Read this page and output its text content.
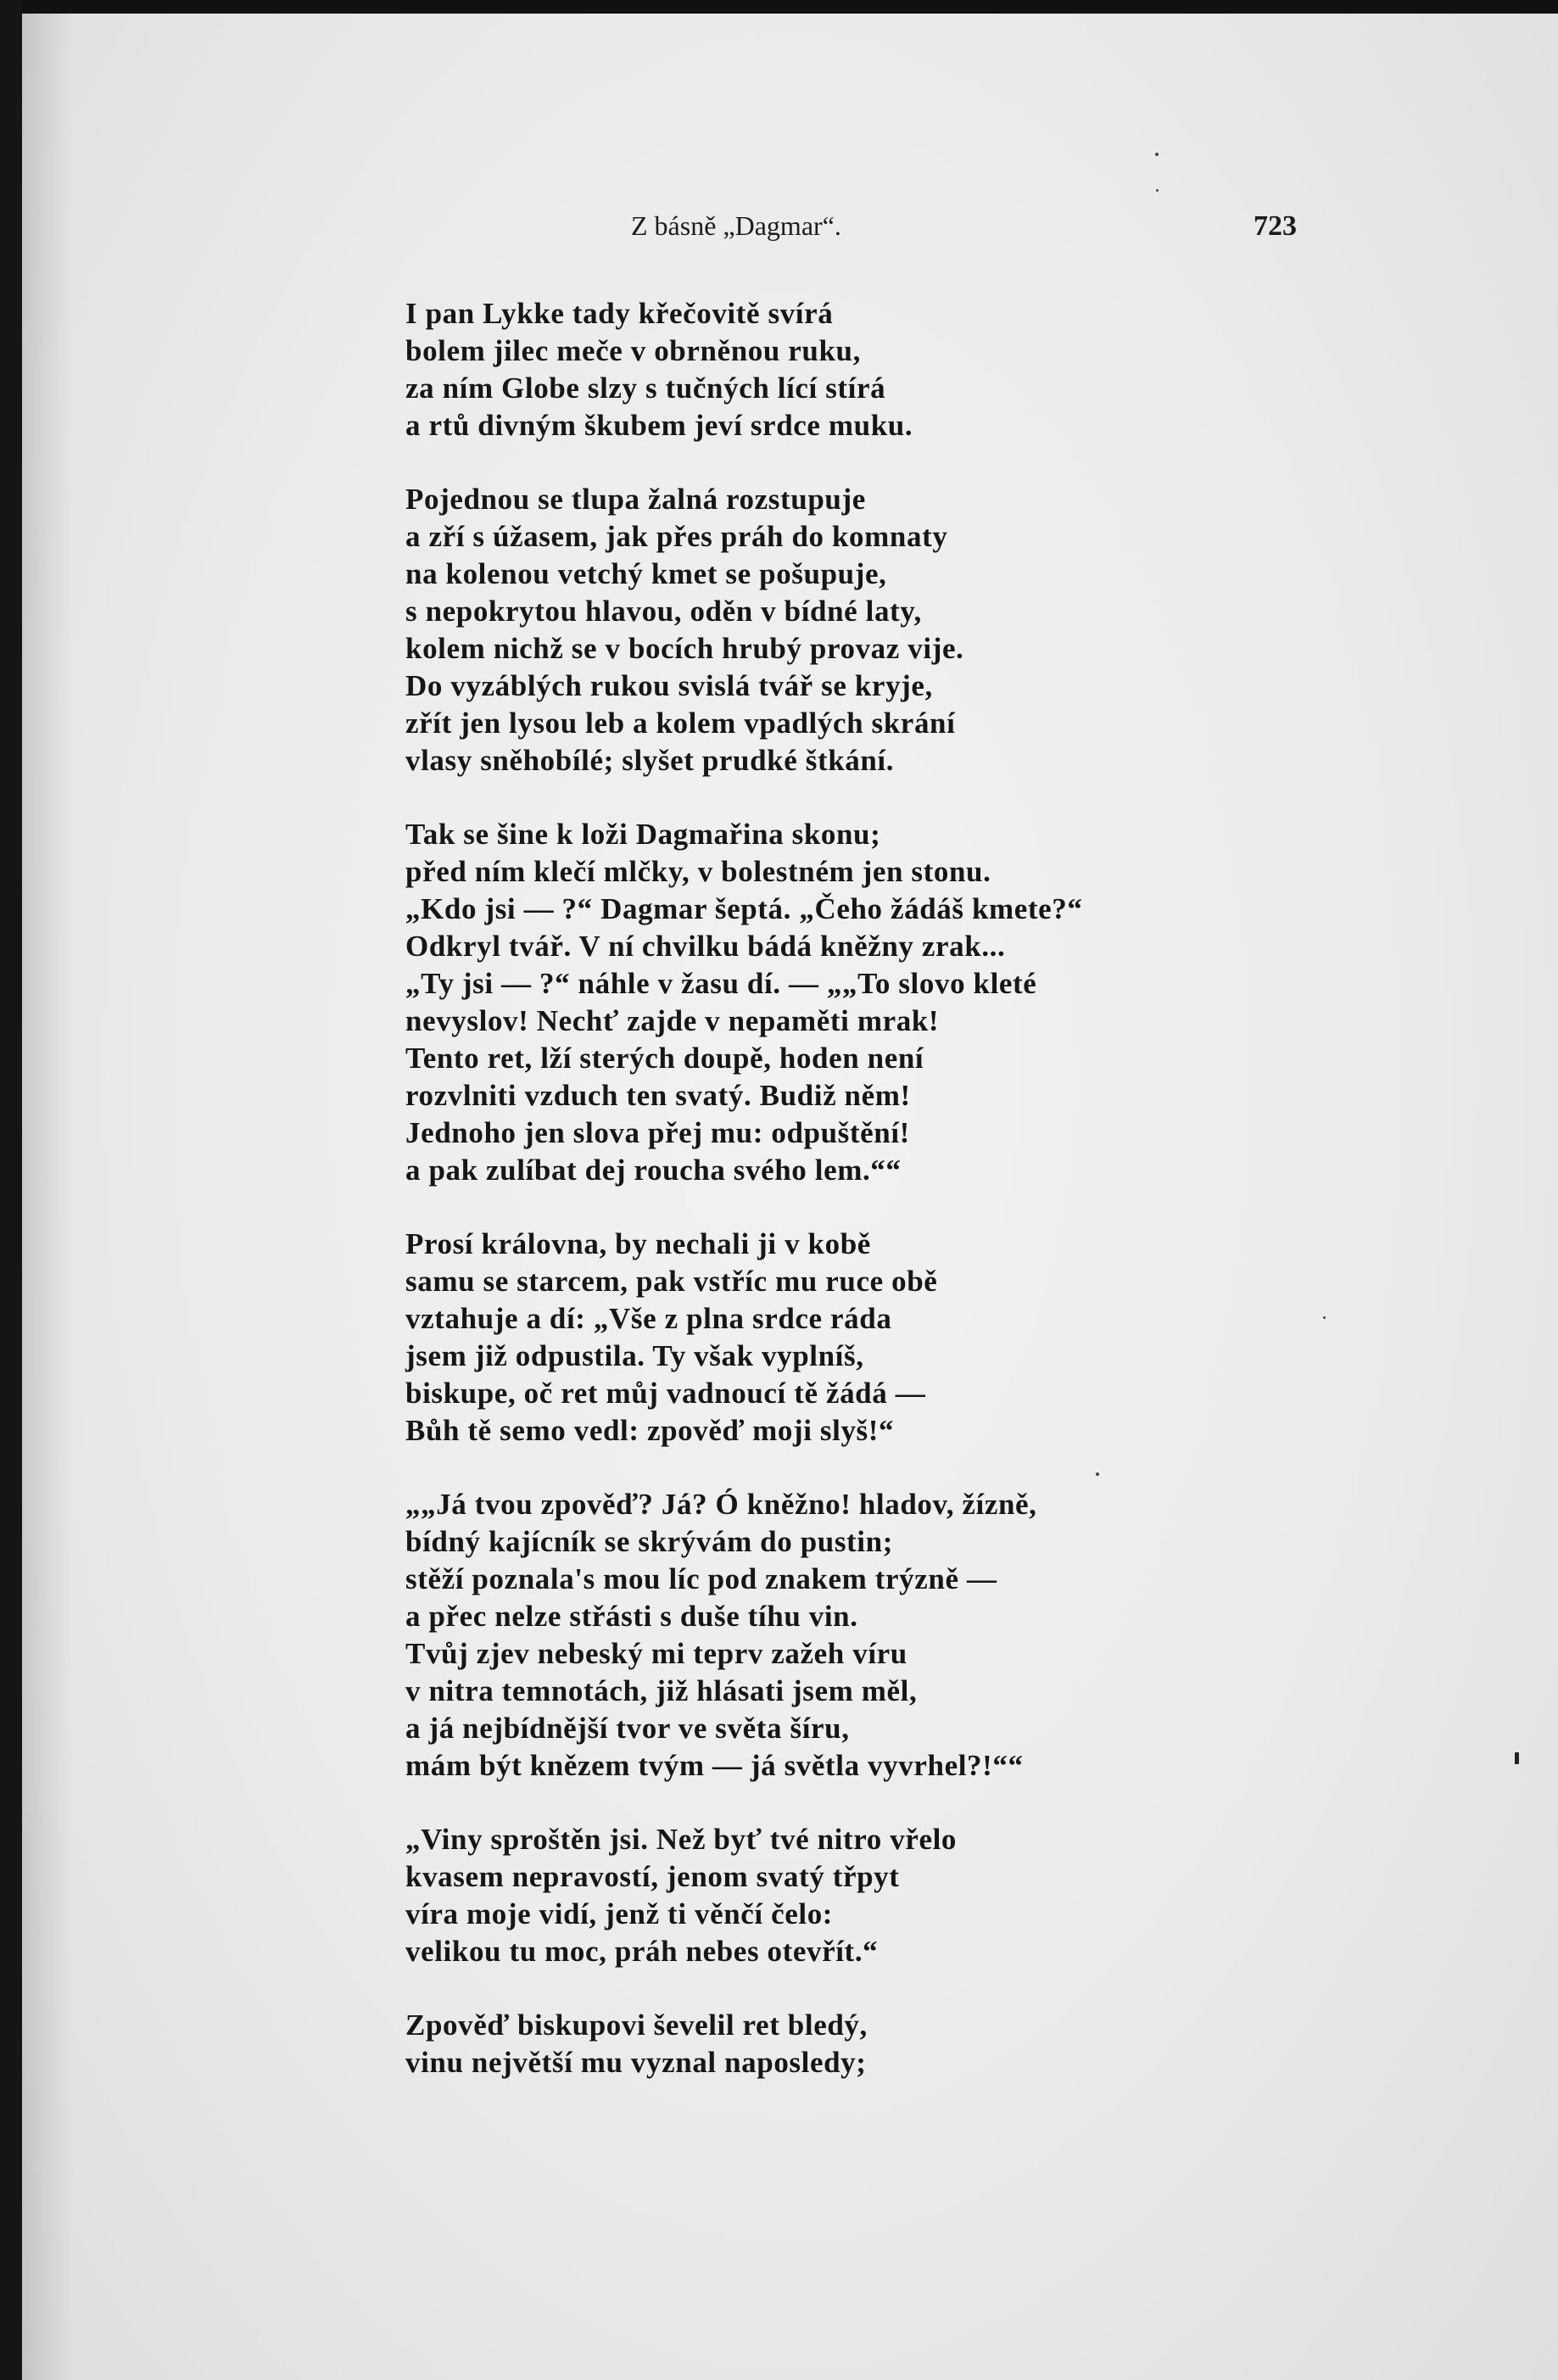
Z básně „Dagmar“.	723
I pan Lykke tady křečovitě svírá
bolem jilec meče v obrněnou ruku,
za ním Globe slzy s tučných lící stírá
a rtů divným škubem jeví srdce muku.
Pojednou se tlupa žalná rozstupuje
a zří s úžasem, jak přes práh do komnaty
na kolenou vetchý kmet se pošupuje,
s nepokrytou hlavou, oděn v bídné laty,
kolem nichž se v bocích hrubý provaz vije.
Do vyzáblých rukou svislá tvář se kryje,
zřít jen lysou leb a kolem vpadlých skrání
vlasy sněhobílé; slyšet prudké štkání.
Tak se šine k loži Dagmařina skonu;
před ním klečí mlčky, v bolestném jen stonu.
„Kdo jsi — ?“ Dagmar šeptá. „Čeho žádáš kmete?“
Odkryl tvář. V ní chvilku bádá kněžny zrak...
„Ty jsi — ?“ náhle v žasu dí. — „„To slovo kleté
nevyslov! Nechť zajde v nepaměti mrak!
Tento ret, lží sterých doupě, hoden není
rozvlniti vzduch ten svatý. Budiž něm!
Jednoho jen slova přej mu: odpuštění!
a pak zulíbat dej roucha svého lem.““
Prosí královna, by nechali ji v kobě
samu se starcem, pak vstříc mu ruce obě
vztahuje a dí: „Vše z plna srdce ráda
jsem již odpustila. Ty však vyplníš,
biskupe, oč ret můj vadnoucí tě žádá —
Bůh tě semo vedl: zpověď moji slyš!“
„„Já tvou zpověď? Já? Ó kněžno! hladov, žízně,
bídný kajícník se skrývám do pustin;
stěží poznala's mou líc pod znakem trýzně —
a přec nelze střásti s duše tíhu vin.
Tvůj zjev nebeský mi teprv zažeh víru
v nitra temnotách, již hlásati jsem měl,
a já nejbídnější tvor ve světa šíru,
mám být knězem tvým — já světla vyvrhel?!““
„Viny sproštěn jsi. Než byť tvé nitro vřelo
kvasem nepravostí, jenom svatý třpyt
víra moje vidí, jenž ti věnčí čelo:
velikou tu moc, práh nebes otevřít.“
Zpověď biskupovi ševelil ret bledý,
vinu největší mu vyznal naposledy;
